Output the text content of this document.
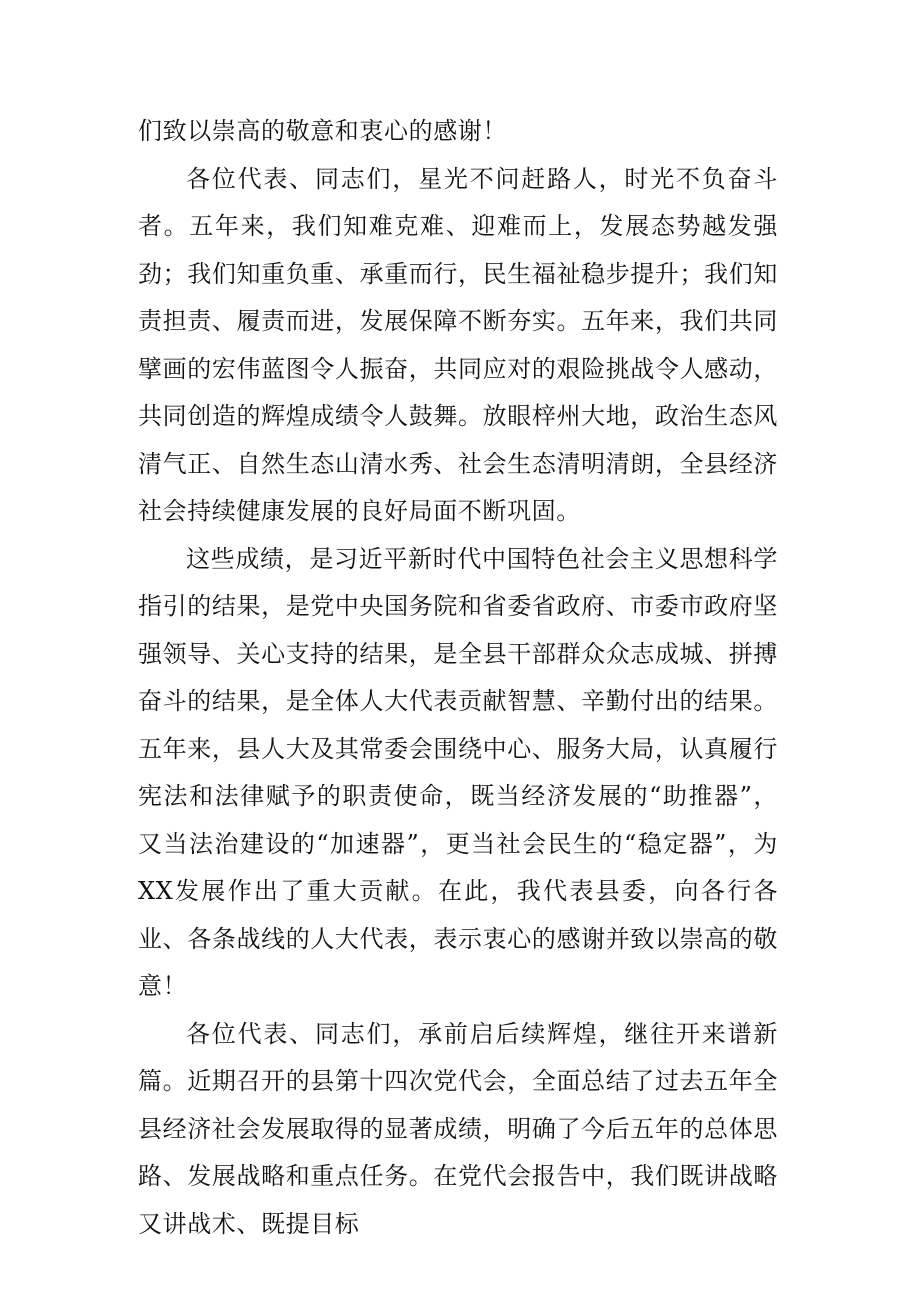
们致以崇高的敬意和衷心的感谢！

各位代表、同志们，星光不问赶路人，时光不负奋斗者。五年来，我们知难克难、迎难而上，发展态势越发强劲；我们知重负重、承重而行，民生福祉稳步提升；我们知责担责、履责而进，发展保障不断夯实。五年来，我们共同擘画的宏伟蓝图令人振奋，共同应对的艰险挑战令人感动，共同创造的辉煌成绩令人鼓舞。放眼梓州大地，政治生态风清气正、自然生态山清水秀、社会生态清明清朗，全县经济社会持续健康发展的良好局面不断巩固。

这些成绩，是习近平新时代中国特色社会主义思想科学指引的结果，是党中央国务院和省委省政府、市委市政府坚强领导、关心支持的结果，是全县干部群众众志成城、拼搏奋斗的结果，是全体人大代表贡献智慧、辛勤付出的结果。五年来，县人大及其常委会围绕中心、服务大局，认真履行宪法和法律赋予的职责使命，既当经济发展的“助推器”，又当法治建设的“加速器”，更当社会民生的“稳定器”，为XX发展作出了重大贡献。在此，我代表县委，向各行各业、各条战线的人大代表，表示衷心的感谢并致以崇高的敬意！

各位代表、同志们，承前启后续辉煌，继往开来谱新篇。近期召开的县第十四次党代会，全面总结了过去五年全县经济社会发展取得的显著成绩，明确了今后五年的总体思路、发展战略和重点任务。在党代会报告中，我们既讲战略又讲战术、既提目标
